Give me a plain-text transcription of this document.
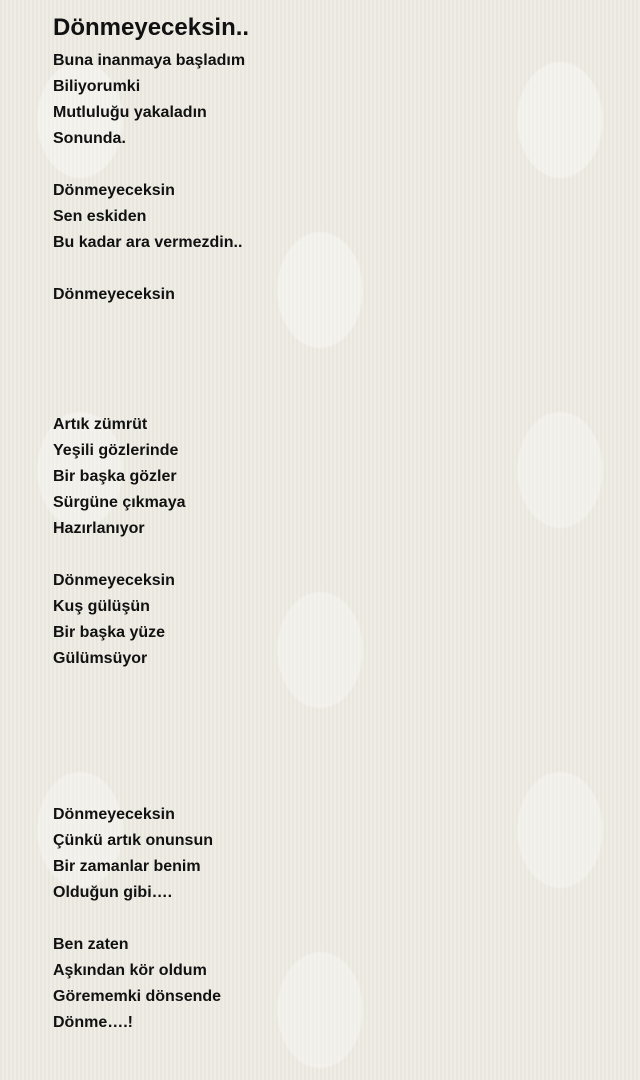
Dönmeyeceksin..
Buna inanmaya başladım
Biliyorumki
Mutluluğu yakaladın
Sonunda.
Dönmeyeceksin
Sen eskiden
Bu kadar ara vermezdin..
Dönmeyeceksin
Artık zümrüt
Yeşili gözlerinde
Bir başka gözler
Sürgüne çıkmaya
Hazırlanıyor
Dönmeyeceksin
Kuş gülüşün
Bir başka yüze
Gülümsüyor
Dönmeyeceksin
Çünkü artık onunsun
Bir zamanlar benim
Olduğun gibi….
Ben zaten
Aşkından kör oldum
Görememki dönsende
Dönme….!
